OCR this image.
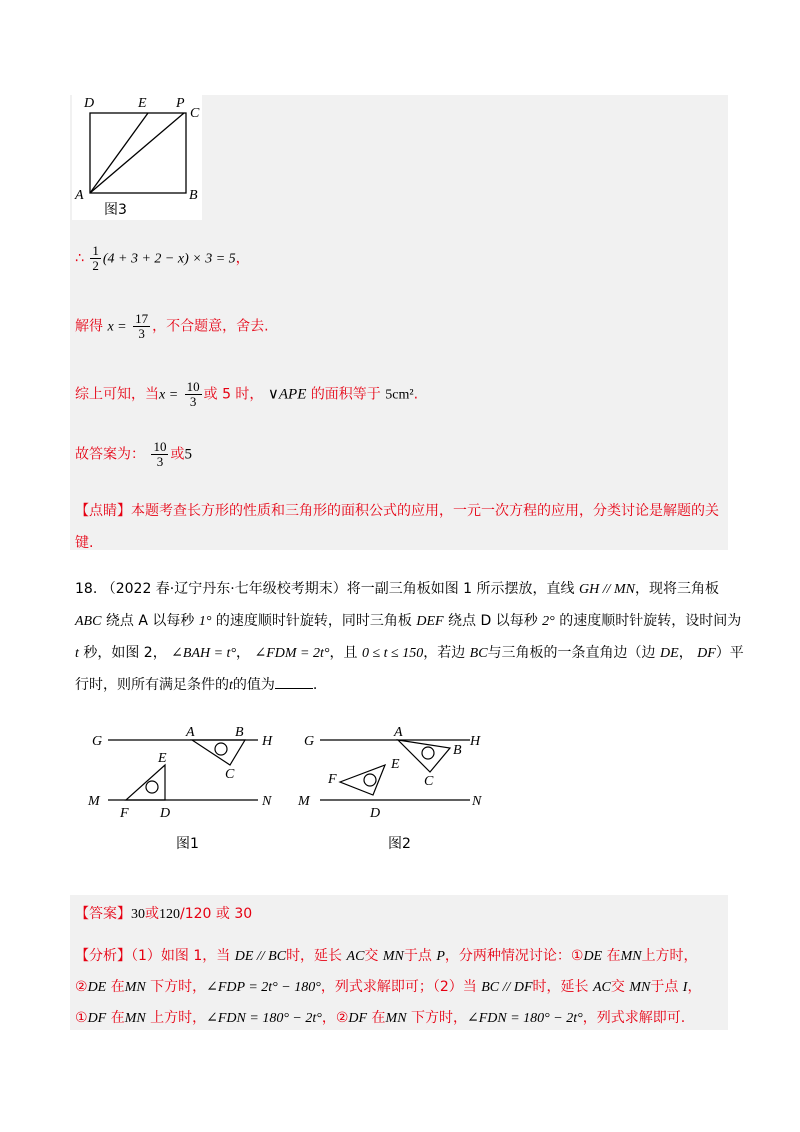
D	E P
C
A	B
图3
∴ $\frac{1}{2} (4 + 3 + 2 - x) \times 3 = 5$，
解得 $x = \frac{17}{3}$ ，不合题意，舍去.
综上可知，当$x = \frac{10}{3}$ 或 5 时， ∨APE 的面积等于 5cm².
故答案为： $\frac{10}{3}$ 或5
【点睛】本题考查长方形的性质和三角形的面积公式的应用，一元一次方程的应用，分类讨论是解题的关
键.
18. （2022 春·辽宁丹东·七年级校考期末）将一副三角板如图 1 所示摆放，直线 GH // MN，现将三角板
ABC 绕点 A 以每秒 1° 的速度顺时针旋转，同时三角板 DEF 绕点 D 以每秒 2° 的速度顺时针旋转，设时间为
t 秒，如图 2， ∠BAH = t°， ∠FDM = 2t°，且 0 ≤ t ≤ 150，若边 BC与三角板的一条直角边（边 DE， DF）平
行时，则所有满足条件的t的值为	.
G
A	B
H
E
C
M
F D
N
G
A
B
H
E
C
M
F
D
N
图1	图2
【答案】30或120/120 或 30
【分析】（1）如图 1，当 DE // BC时，延长 AC交 MN于点 P，分两种情况讨论：①DE 在MN上方时，
②DE 在MN 下方时，∠FDP = 2t° − 180°，列式求解即可；（2）当 BC // DF时，延长 AC交 MN于点 I，
①DF 在MN 上方时，∠FDN = 180° − 2t°，②DF 在MN 下方时，∠FDN = 180° − 2t°，列式求解即可.
